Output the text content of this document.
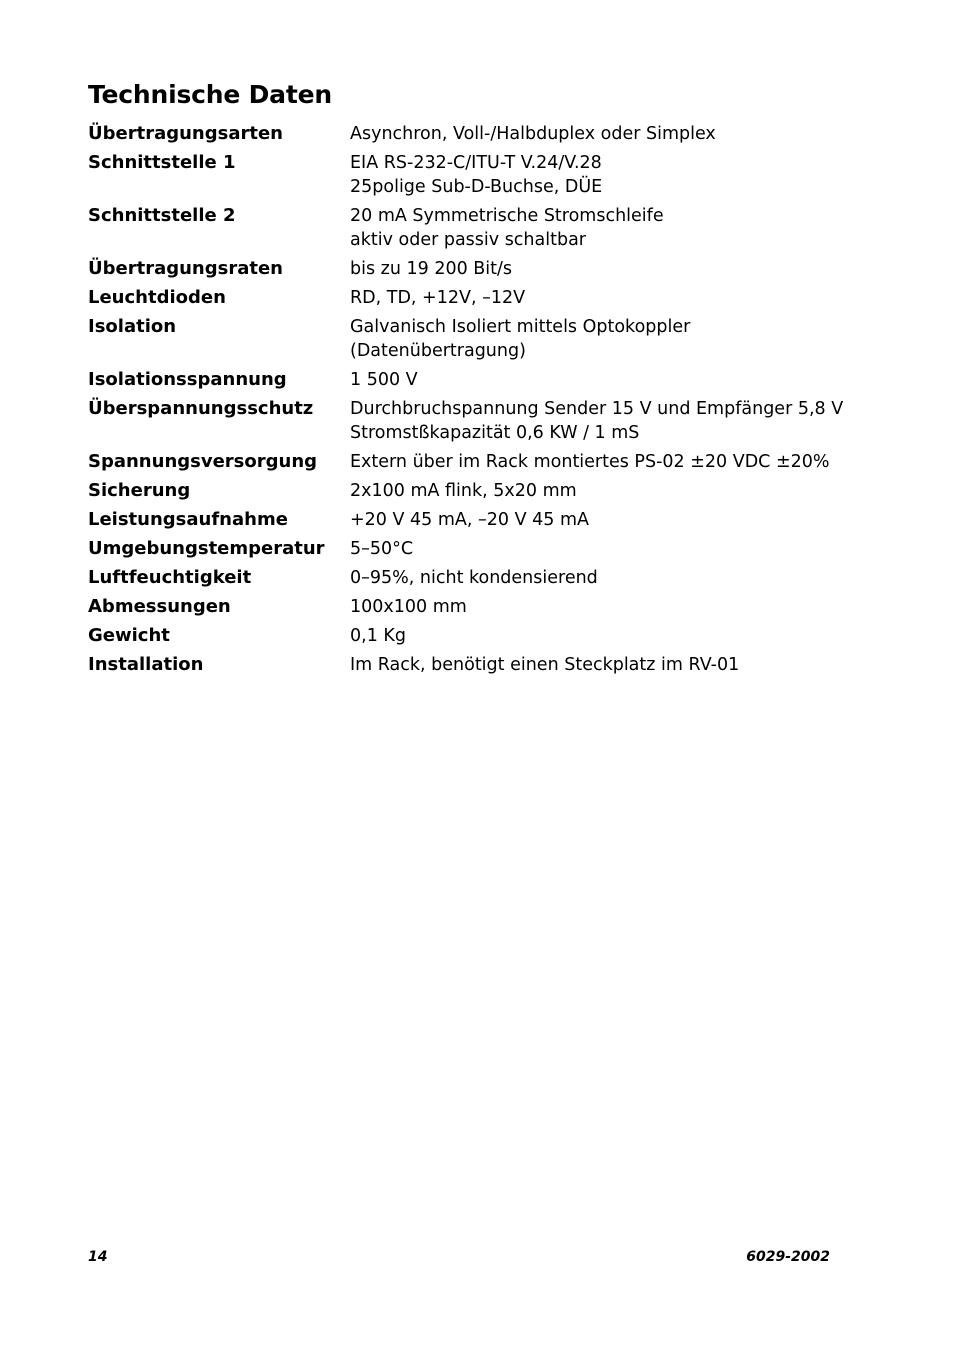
Technische Daten
Übertragungsarten	Asynchron, Voll-/Halbduplex oder Simplex
Schnittstelle 1	EIA RS-232-C/ITU-T V.24/V.28
25polige Sub-D-Buchse, DÜE
Schnittstelle 2	20 mA Symmetrische Stromschleife
aktiv oder passiv schaltbar
Übertragungsraten	bis zu 19 200 Bit/s
Leuchtdioden	RD, TD, +12V, –12V
Isolation	Galvanisch Isoliert mittels Optokoppler
(Datenübertragung)
Isolationsspannung	1 500 V
Überspannungsschutz	Durchbruchspannung Sender 15 V und Empfänger 5,8 V
Stromstßkapazität 0,6 KW / 1 mS
Spannungsversorgung	Extern über im Rack montiertes PS-02 ±20 VDC ±20%
Sicherung	2x100 mA flink, 5x20 mm
Leistungsaufnahme	+20 V 45 mA, –20 V 45 mA
Umgebungstemperatur	5–50°C
Luftfeuchtigkeit	0–95%, nicht kondensierend
Abmessungen	100x100 mm
Gewicht	0,1 Kg
Installation	Im Rack, benötigt einen Steckplatz im RV-01
14	6029-2002
